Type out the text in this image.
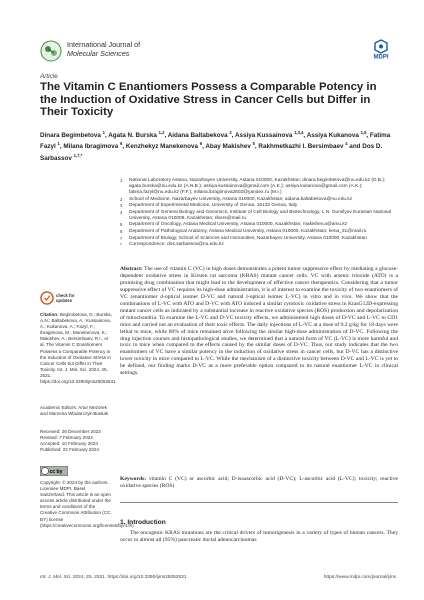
International Journal of
Molecular Sciences	MDPI
Article
The Vitamin C Enantiomers Possess a Comparable Potency in the Induction of Oxidative Stress in Cancer Cells but Differ in Their Toxicity
Dinara Begimbetova $^1$, Agata N. Burska $^{1,2}$, Aidana Baltabekova $^2$, Assiya Kussainova $^{1,3,4}$, Assiya Kukanova $^{1,5}$, Fatima Fazyl $^1$, Milana Ibragimova $^6$, Kenzhekyz Manekenova $^6$, Abay Makishev $^5$, Rakhmetkazhi I. Bersimbaev $^4$ and Dos D. Sarbassov $^{1,7,*}$
1 National Laboratory Astana, Nazarbayev University, Astana 010000, Kazakhstan; dinara.begimbetova@nu.edu.kz (D.B.); agata.burska@nu.edu.kz (A.N.B.); assiya.kussainova@gmail.com (A.K.); assiya.kukanova@gmail.com (A.K.); fatima.fazyl@nu.edu.kz (F.F.); milana.ibragimova2602@yandex.ru (M.I.)
2 School of Medicine, Nazarbayev University, Astana 010000, Kazakhstan; aidana.baltabekova@nu.edu.kz
3 Department of Experimental Medicine, University of Genoa, 16132 Genoa, Italy
4 Department of General Biology and Genomics, Institute of Cell Biology and Biotechnology, L.N. Gumilyov Eurasian National University, Astana 010008, Kazakhstan; ribers@mail.ru
5 Department of Oncology, Astana Medical University, Astana 010000, Kazakhstan; makishev.a@amu.kz
6 Department of Pathological Anatomy, Astana Medical University, Astana 010000, Kazakhstan; kena_31@mail.ru
7 Department of Biology, School of Sciences and Humanities, Nazarbayev University, Astana 010000, Kazakhstan
* Correspondence: dos.sarbassov@nu.edu.kz
check for updates
Citation: Begimbetova, D.; Burska, A.N.; Baltabekova, A.; Kussainova, A.; Kukanova, A.; Fazyl, F.; Ibragimova, M.; Manekenova, K.; Makishev, A.; Bersimbaev, R.I.; et al. The Vitamin C Enantiomers Possess a Comparable Potency in the Induction of Oxidative Stress in Cancer Cells but Differ in Their Toxicity. Int. J. Mol. Sci. 2024, 25, 2531. https://doi.org/10.3390/ijms25052531
Academic Editors: Artur Mezorek and Marzena Wlodarczyk-Biasiak
Received: 26 December 2023
Revised: 7 February 2024
Accepted: 10 February 2024
Published: 22 February 2024
cc by
Copyright: © 2024 by the authors. Licensee MDPI, Basel, Switzerland. This article is an open access article distributed under the terms and conditions of the Creative Commons Attribution (CC BY) license (https://creativecommons.org/licenses/by/4.0/).

Abstract: The use of vitamin C (VC) in high doses demonstrates a potent tumor suppressive effect by mediating a glucose-dependent oxidative stress in Kirsten rat sarcoma (KRAS) mutant cancer cells. VC with arsenic trioxide (ATO) is a promising drug combination that might lead to the development of effective cancer therapeutics. Considering that a tumor suppressive effect of VC requires its high-dose administration, it is of interest to examine the toxicity of two enantiomers of VC (enantiomer d-optical isomer D-VC and natural l-optical isomer L-VC) in vitro and in vivo. We show that the combinations of L-VC with ATO and D-VC with ATO induced a similar cytotoxic oxidative stress in KrasG12D-expressing mutant cancer cells as indicated by a substantial increase in reactive oxidative species (ROS) production and depolarization of mitochondria. To examine the L-VC and D-VC toxicity effects, we administered high doses of D-VC and L-VC to CD1 mice and carried out an evaluation of their toxic effects. The daily injections of L-VC at a dose of 9.2 g/kg for 18 days were lethal to mice, while 80% of mice remained alive following the similar high-dose administration of D-VC. Following the drug injection courses and histopathological studies, we determined that a natural form of VC (L-VC) is more harmful and toxic to mice when compared to the effects caused by the similar doses of D-VC. Thus, our study indicates that the two enantiomers of VC have a similar potency in the induction of oxidative stress in cancer cells, but D-VC has a distinctive lower toxicity in mice compared to L-VC. While the mechanism of a distinctive toxicity between D-VC and L-VC is yet to be defined, our finding marks D-VC as a more preferable option compared to its natural enantiomer L-VC in clinical settings.

Keywords: vitamin C (VC) or ascorbic acid; D-isoascorbic acid (D-VC); L-ascorbic acid (L-VC); toxicity; reactive oxidative species (ROS)
1. Introduction

The oncogenic KRAS mutations are the critical drivers of tumorigenesis in a variety of types of human cancers. They occur in almost all (95%) pancreatic ductal adenocarcinomas

Int. J. Mol. Sci. 2024, 25, 2531. https://doi.org/10.3390/ijms25052531	https://www.mdpi.com/journal/ijms
